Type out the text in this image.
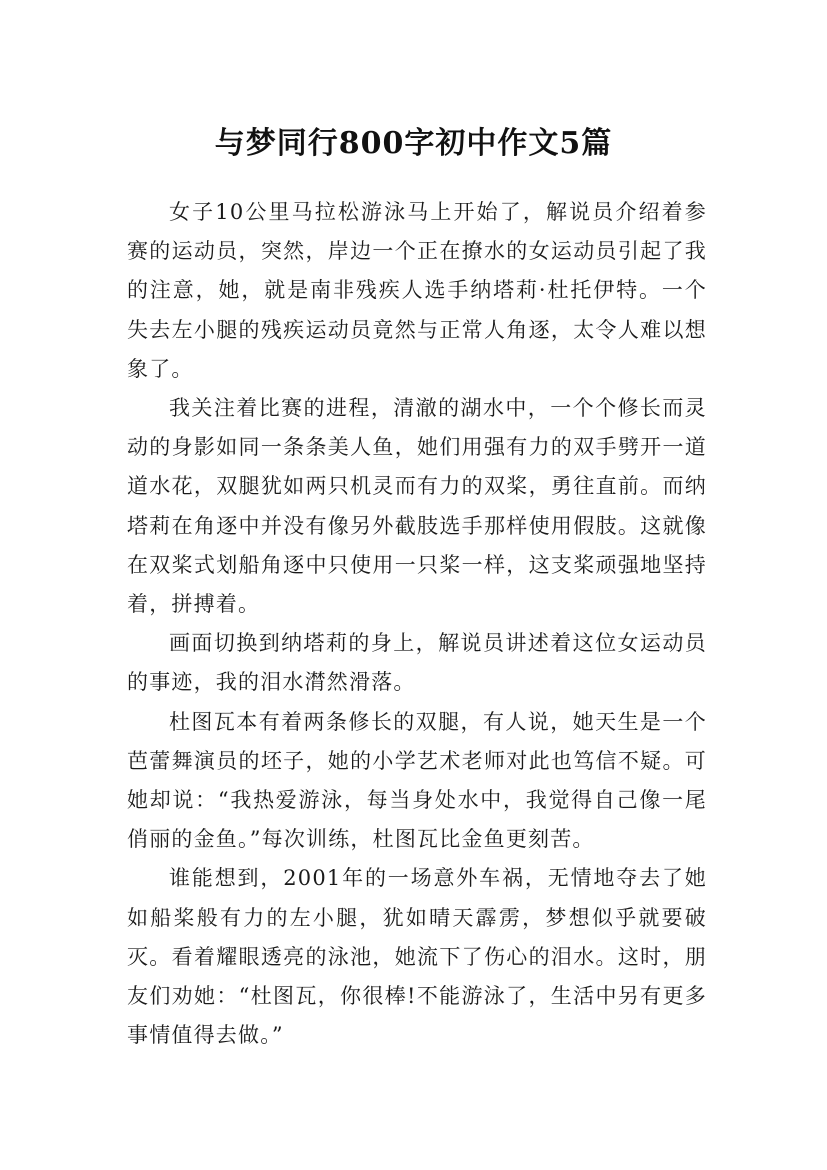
与梦同行800字初中作文5篇

女子10公里马拉松游泳马上开始了，解说员介绍着参赛的运动员，突然，岸边一个正在撩水的女运动员引起了我的注意，她，就是南非残疾人选手纳塔莉·杜托伊特。一个失去左小腿的残疾运动员竟然与正常人角逐，太令人难以想象了。

我关注着比赛的进程，清澈的湖水中，一个个修长而灵动的身影如同一条条美人鱼，她们用强有力的双手劈开一道道水花，双腿犹如两只机灵而有力的双桨，勇往直前。而纳塔莉在角逐中并没有像另外截肢选手那样使用假肢。这就像在双桨式划船角逐中只使用一只桨一样，这支桨顽强地坚持着，拼搏着。

画面切换到纳塔莉的身上，解说员讲述着这位女运动员的事迹，我的泪水潸然滑落。

杜图瓦本有着两条修长的双腿，有人说，她天生是一个芭蕾舞演员的坯子，她的小学艺术老师对此也笃信不疑。可她却说：“我热爱游泳，每当身处水中，我觉得自己像一尾俏丽的金鱼。”每次训练，杜图瓦比金鱼更刻苦。

谁能想到，2001年的一场意外车祸，无情地夺去了她如船桨般有力的左小腿，犹如晴天霹雳，梦想似乎就要破灭。看着耀眼透亮的泳池，她流下了伤心的泪水。这时，朋友们劝她：“杜图瓦，你很棒!不能游泳了，生活中另有更多事情值得去做。”
